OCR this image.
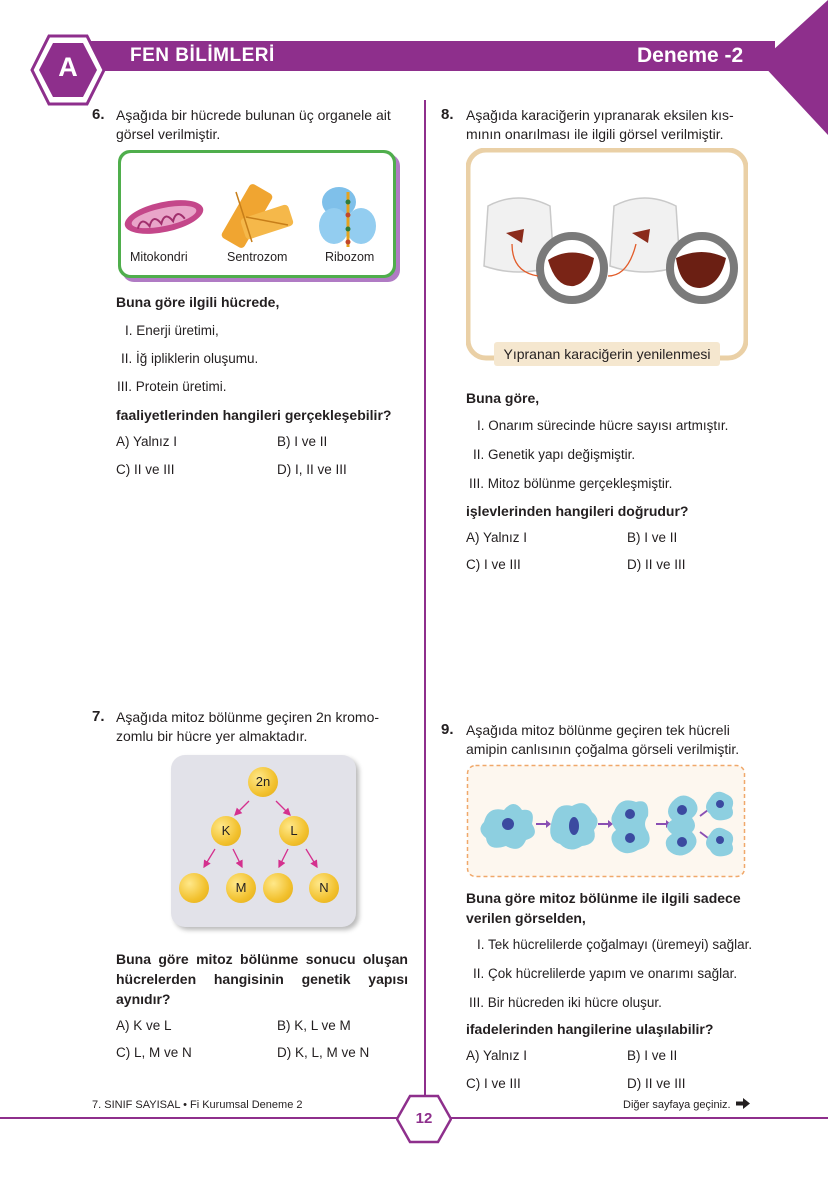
A	FEN BİLİMLERİ	Deneme -2
6. Aşağıda bir hücrede bulunan üç organele ait
görsel verilmiştir.
Mitokondri	Sentrozom	Ribozom
Buna göre ilgili hücrede,
I. Enerji üretimi,
II. İğ ipliklerin oluşumu.
III. Protein üretimi.
faaliyetlerinden hangileri gerçekleşebilir?
A) Yalnız I	B) I ve II
C) II ve III	D) I, II ve III
7. Aşağıda mitoz bölünme geçiren 2n kromo-
zomlu bir hücre yer almaktadır.
2n
K	L
M	N
Buna göre mitoz bölünme sonucu oluşan
hücrelerden hangisinin genetik yapısı
aynıdır?
A) K ve L	B) K, L ve M
C) L, M ve N	D) K, L, M ve N
8. Aşağıda karaciğerin yıpranarak eksilen kıs-
mının onarılması ile ilgili görsel verilmiştir.
Yıpranan karaciğerin yenilenmesi
Buna göre,
I. Onarım sürecinde hücre sayısı artmıştır.
II. Genetik yapı değişmiştir.
III. Mitoz bölünme gerçekleşmiştir.
işlevlerinden hangileri doğrudur?
A) Yalnız I	B) I ve II
C) I ve III	D) II ve III
9. Aşağıda mitoz bölünme geçiren tek hücreli
amipin canlısının çoğalma görseli verilmiştir.
Buna göre mitoz bölünme ile ilgili sadece
verilen görselden,
I. Tek hücrelilerde çoğalmayı (üremeyi) sağlar.
II. Çok hücrelilerde yapım ve onarımı sağlar.
III. Bir hücreden iki hücre oluşur.
ifadelerinden hangilerine ulaşılabilir?
A) Yalnız I	B) I ve II
C) I ve III	D) II ve III
7. SINIF SAYISAL • Fi Kurumsal Deneme 2	Diğer sayfaya geçiniz.
12
